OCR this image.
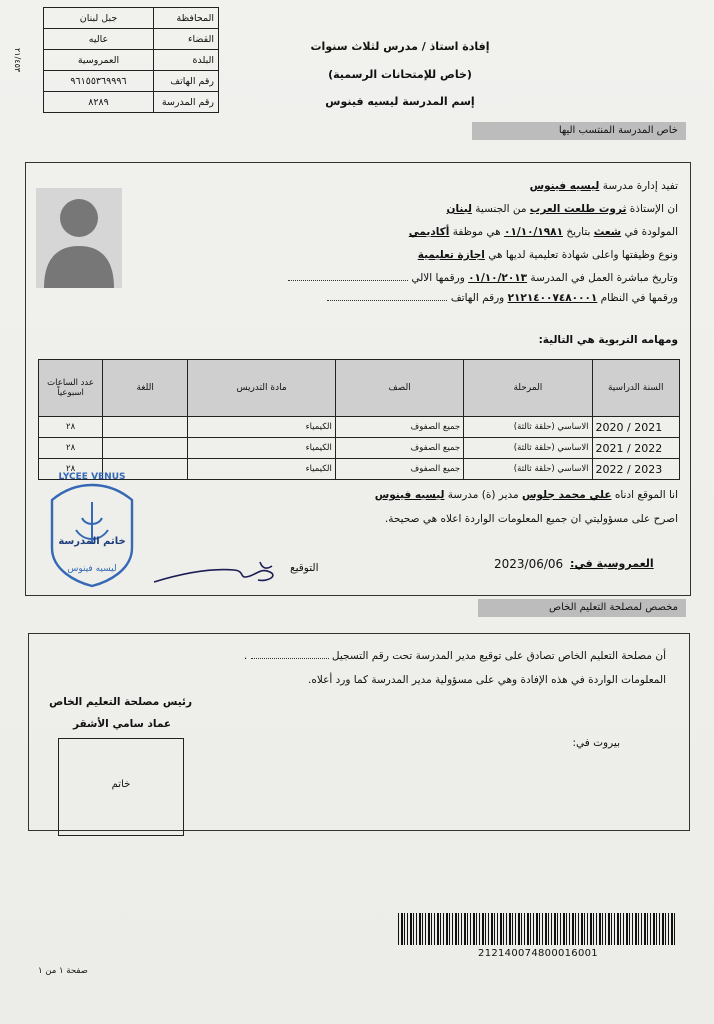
جبل لبنان	المحافظة
عاليه	القضاء
العمروسية	البلدة
٩٦١٥٥٣٦٩٩٩٦	رقم الهاتف
٨٢٨٩	رقم المدرسة
٢١/٤٥٣
إفادة استاذ / مدرس لثلاث سنوات
(خاص للإمتحانات الرسمية)
إسم المدرسة ليسيه فينوس
خاص المدرسة المنتسب اليها
تفيد إدارة مدرسة ليسيه فينوس
ان الإستاذة ثروت طلعت العرب من الجنسية لبنان
المولودة في شعث بتاريخ ٠١/١٠/١٩٨١ هي موظفة أكاديمي
ونوع وظيفتها واعلى شهادة تعليمية لديها هي اجازة تعليمية
وتاريخ مباشرة العمل في المدرسة ٠١/١٠/٢٠١٣ ورقمها الالي
ورقمها في النظام ٢١٢١٤٠٠٧٤٨٠٠٠١ ورقم الهاتف
ومهامه التربوية هي التالية:
السنة الدراسية	المرحلة	الصف	مادة التدريس	اللغة	عدد الساعات اسبوعياً
2020 / 2021	الاساسي (حلقة ثالثة)	جميع الصفوف	الكيمياء		٢٨
2021 / 2022	الاساسي (حلقة ثالثة)	جميع الصفوف	الكيمياء		٢٨
2022 / 2023	الاساسي (حلقة ثالثة)	جميع الصفوف	الكيمياء		٢٨
انا الموقع ادناه علي محمد جلوس مدير (ة) مدرسة ليسيه فينوس
اصرح على مسؤوليتي ان جميع المعلومات الواردة اعلاه هي صحيحة.
العمروسية في:
2023/06/06
التوقيع
LYCEE VENUS
خاتم المدرسة
ليسيه فينوس
مخصص لمصلحة التعليم الخاص
أن مصلحة التعليم الخاص تصادق على توقيع مدير المدرسة تحت رقم التسجيل  .
المعلومات الواردة في هذه الإفادة وهي على مسؤولية مدير المدرسة كما ورد أعلاه.
رئيس مصلحة التعليم الخاص
عماد سامي الأشقر
خاتم
بيروت في:
212140074800016001
صفحة ١ من ١
